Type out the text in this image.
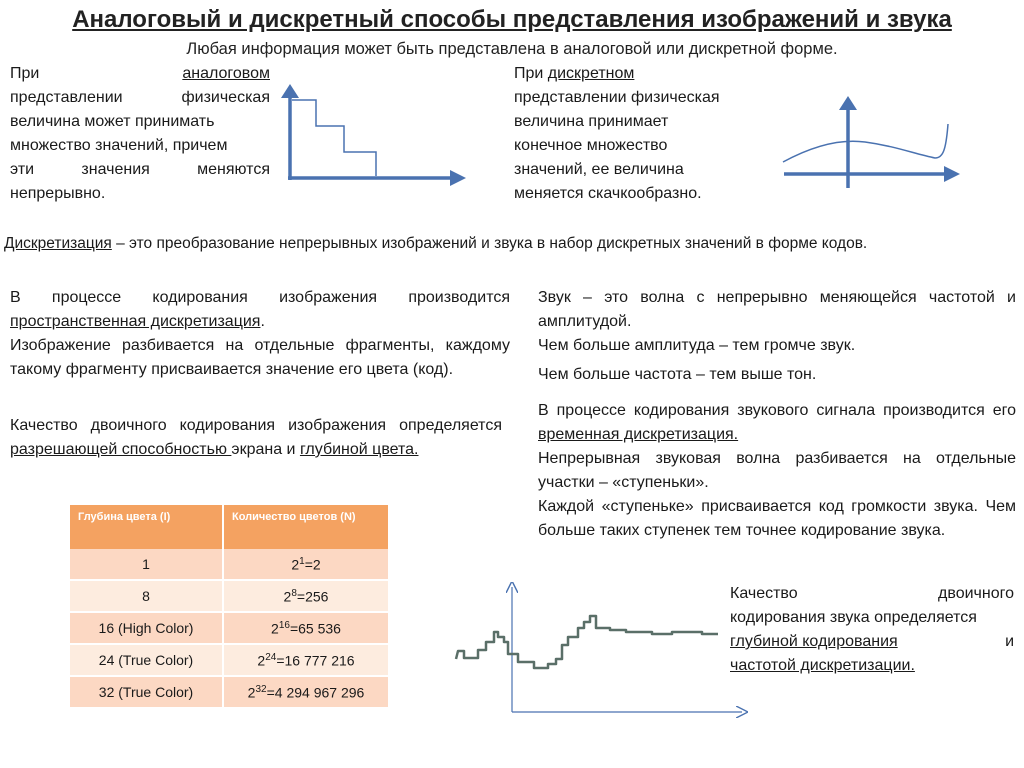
Аналоговый и дискретный способы представления изображений и звука
Любая информация может быть представлена в аналоговой или дискретной форме.
При	аналоговом
представлении	физическая
величина может принимать
множество значений, причем
эти	значения	меняются
непрерывно.
При дискретном
представлении физическая
величина принимает
конечное множество
значений, ее величина
меняется скачкообразно.
Дискретизация – это преобразование непрерывных изображений и звука в набор дискретных значений в форме кодов.
В процессе кодирования изображения производится пространственная дискретизация.
Изображение разбивается на отдельные фрагменты, каждому такому фрагменту присваивается значение его цвета (код).
Качество двоичного кодирования изображения определяется разрешающей способностью экрана и глубиной цвета.
Глубина цвета (I)	Количество цветов (N)
1	$2^1=2$
8	$2^8=256$
16 (High Color)	$2^{16}=65$ 536
24 (True Color)	$2^{24}=16$ 777 216
32 (True Color)	$2^{32}=4$ 294 967 296
Звук – это волна с непрерывно меняющейся частотой и амплитудой.
Чем больше амплитуда – тем громче звук.
Чем больше частота – тем выше тон.
В процессе кодирования звукового сигнала производится его временная дискретизация.
Непрерывная звуковая волна разбивается на отдельные участки – «ступеньки».
Каждой «ступеньке» присваивается код громкости звука. Чем больше таких ступенек тем точнее кодирование звука.
Качество	двоичного
кодирования звука определяется
глубиной кодирования	и
частотой дискретизации.
